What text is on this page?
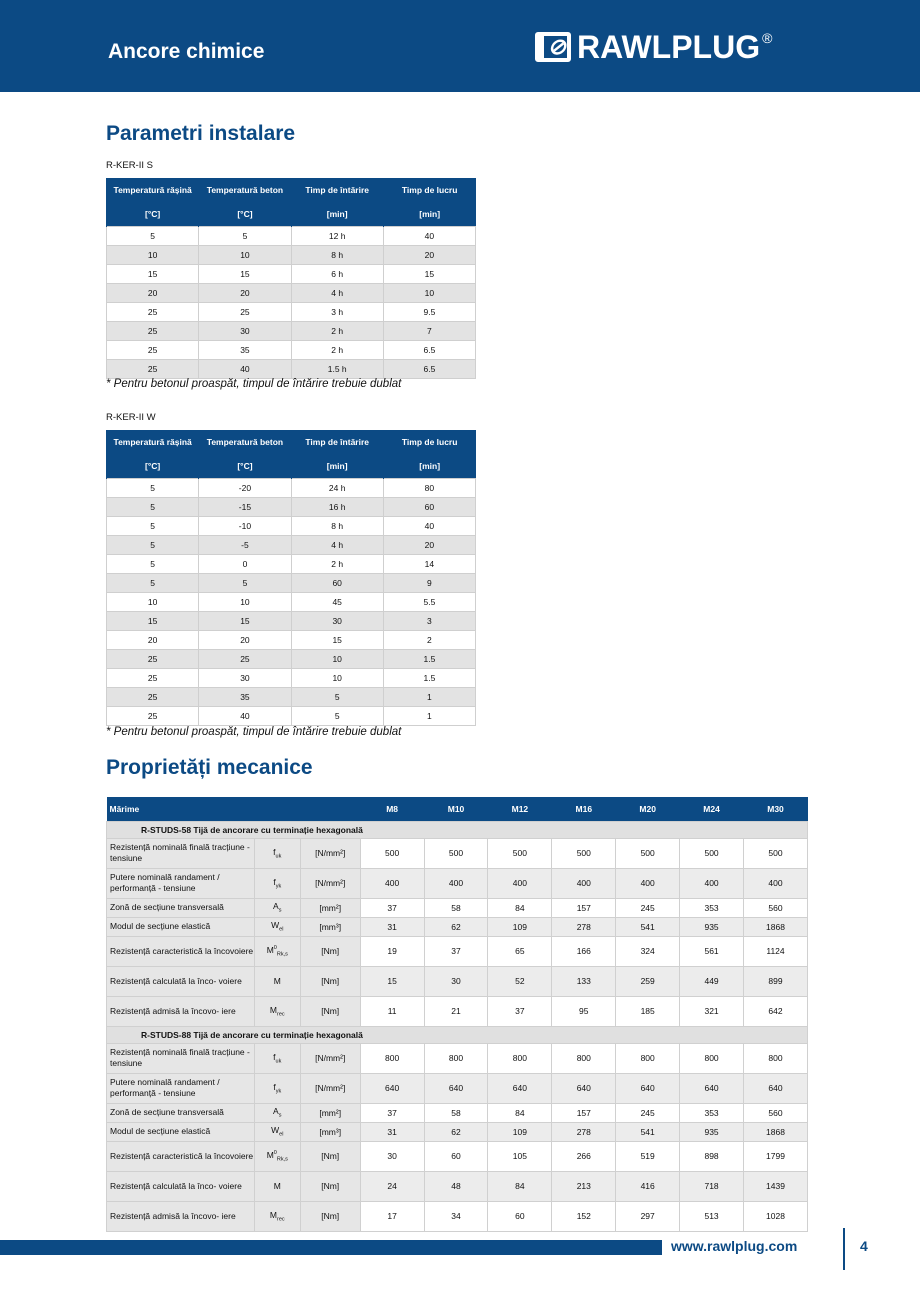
Ancore chimice	⊘ RAWLPLUG ®
Parametri instalare
R-KER-II S
Temperatură rășină	Temperatură beton	Timp de întărire	Timp de lucru
[°C]	[°C]	[min]	[min]
5	5	12 h	40
10	10	8 h	20
15	15	6 h	15
20	20	4 h	10
25	25	3 h	9.5
25	30	2 h	7
25	35	2 h	6.5
25	40	1.5 h	6.5
* Pentru betonul proaspăt, timpul de întărire trebuie dublat
R-KER-II W
Temperatură rășină	Temperatură beton	Timp de întărire	Timp de lucru
[°C]	[°C]	[min]	[min]
5	-20	24 h	80
5	-15	16 h	60
5	-10	8 h	40
5	-5	4 h	20
5	0	2 h	14
5	5	60	9
10	10	45	5.5
15	15	30	3
20	20	15	2
25	25	10	1.5
25	30	10	1.5
25	35	5	1
25	40	5	1
* Pentru betonul proaspăt, timpul de întărire trebuie dublat
Proprietăți mecanice
Mărime			M8	M10	M12	M16	M20	M24	M30
R-STUDS-58 Tijă de ancorare cu terminație hexagonală									
Rezistență nominală finală tracțiune - tensiune	$f_{uk}$	[N/mm²]	500	500	500	500	500	500	500
Putere nominală randament / performanță - tensiune	$f_{yk}$	[N/mm²]	400	400	400	400	400	400	400
Zonă de secțiune transversală	$A_s$	[mm²]	37	58	84	157	245	353	560
Modul de secțiune elastică	$W_{el}$	[mm³]	31	62	109	278	541	935	1868
Rezistență caracteristică la încovoiere	$M^0_{Rk,s}$	[Nm]	19	37	65	166	324	561	1124
Rezistență calculată la înco- voiere	M	[Nm]	15	30	52	133	259	449	899
Rezistență admisă la încovo- iere	$M_{rec}$	[Nm]	11	21	37	95	185	321	642
R-STUDS-88 Tijă de ancorare cu terminație hexagonală									
Rezistență nominală finală tracțiune - tensiune	$f_{uk}$	[N/mm²]	800	800	800	800	800	800	800
Putere nominală randament / performanță - tensiune	$f_{yk}$	[N/mm²]	640	640	640	640	640	640	640
Zonă de secțiune transversală	$A_s$	[mm²]	37	58	84	157	245	353	560
Modul de secțiune elastică	$W_{el}$	[mm³]	31	62	109	278	541	935	1868
Rezistență caracteristică la încovoiere	$M^0_{Rk,s}$	[Nm]	30	60	105	266	519	898	1799
Rezistență calculată la înco- voiere	M	[Nm]	24	48	84	213	416	718	1439
Rezistență admisă la încovo- iere	$M_{rec}$	[Nm]	17	34	60	152	297	513	1028
www.rawlplug.com	4
